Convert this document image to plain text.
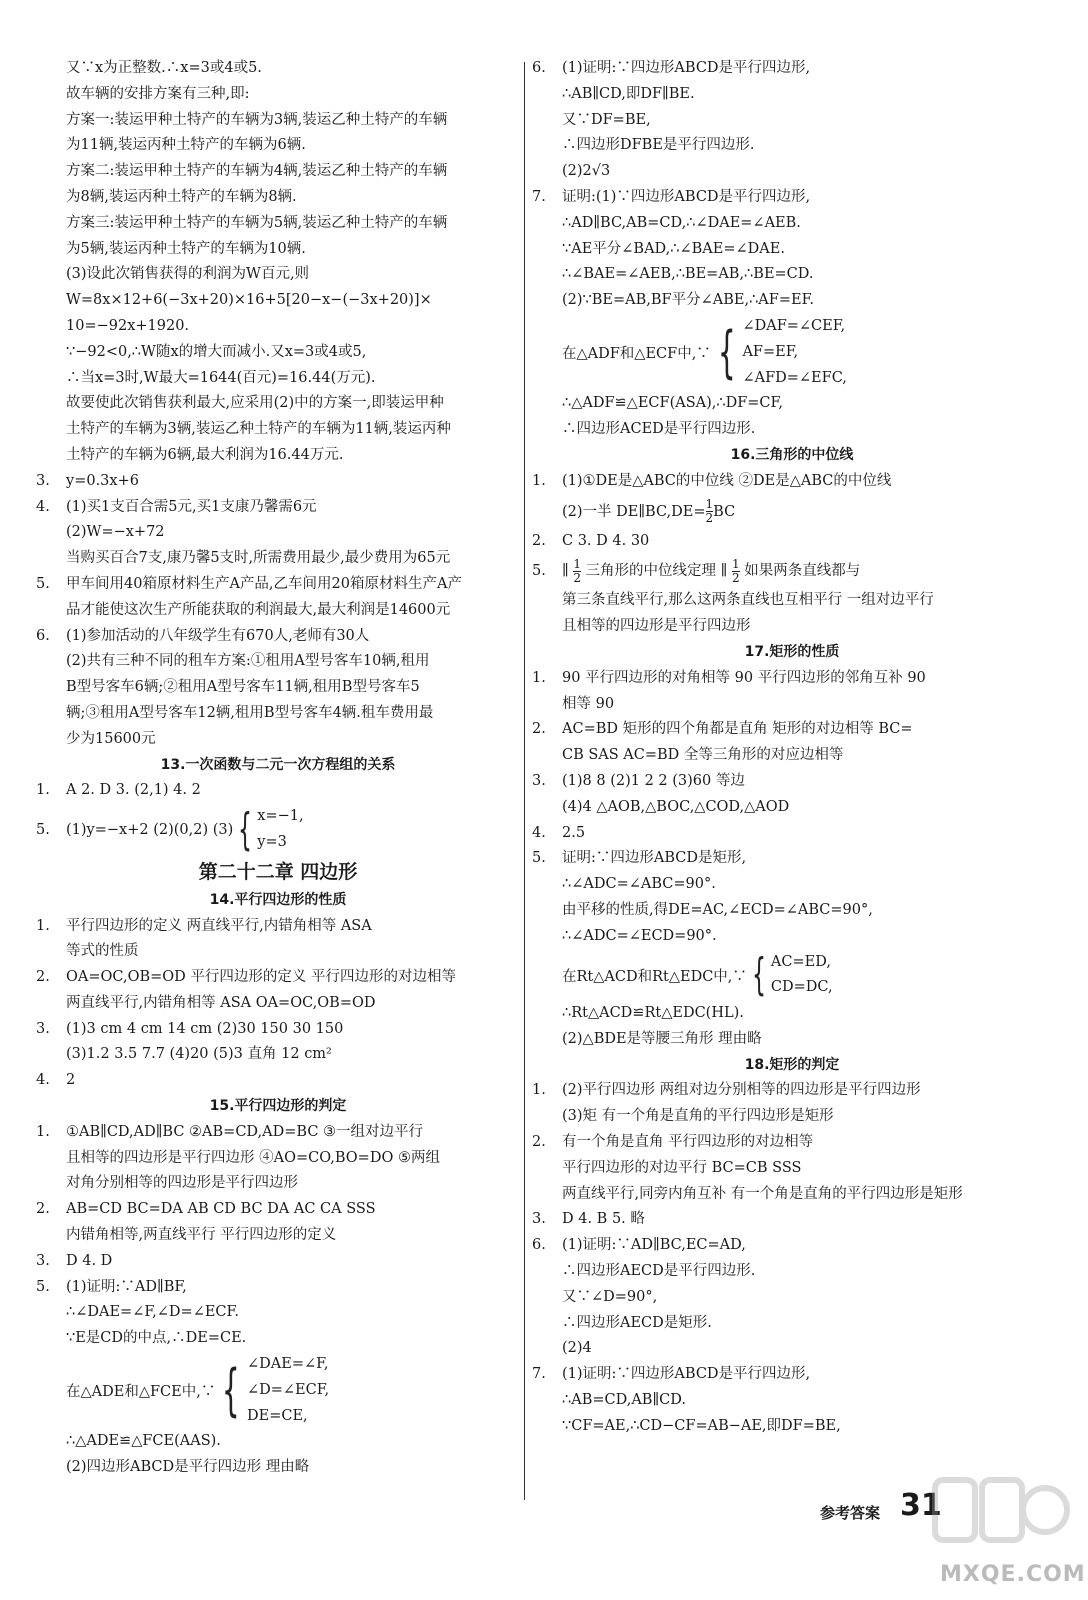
又∵x为正整数.∴x=3或4或5.
故车辆的安排方案有三种,即:
方案一:装运甲种土特产的车辆为3辆,装运乙种土特产的车辆
为11辆,装运丙种土特产的车辆为6辆.
方案二:装运甲种土特产的车辆为4辆,装运乙种土特产的车辆
为8辆,装运丙种土特产的车辆为8辆.
方案三:装运甲种土特产的车辆为5辆,装运乙种土特产的车辆
为5辆,装运丙种土特产的车辆为10辆.
(3)设此次销售获得的利润为W百元,则
W=8x×12+6(−3x+20)×16+5[20−x−(−3x+20)]×
10=−92x+1920.
∵−92<0,∴W随x的增大而减小.又x=3或4或5,
∴当x=3时,W最大=1644(百元)=16.44(万元).
故要使此次销售获利最大,应采用(2)中的方案一,即装运甲种
土特产的车辆为3辆,装运乙种土特产的车辆为11辆,装运丙种
土特产的车辆为6辆,最大利润为16.44万元.
3. y=0.3x+6
4. (1)买1支百合需5元,买1支康乃馨需6元
(2)W=−x+72
当购买百合7支,康乃馨5支时,所需费用最少,最少费用为65元
5. 甲车间用40箱原材料生产A产品,乙车间用20箱原材料生产A产
品才能使这次生产所能获取的利润最大,最大利润是14600元
6. (1)参加活动的八年级学生有670人,老师有30人
(2)共有三种不同的租车方案:①租用A型号客车10辆,租用
B型号客车6辆;②租用A型号客车11辆,租用B型号客车5
辆;③租用A型号客车12辆,租用B型号客车4辆.租车费用最
少为15600元
13.一次函数与二元一次方程组的关系
1. A 2. D 3. (2,1) 4. 2
5.	(1)y=−x+2 (2)(0,2) (3) { x=−1,
y=3
第二十二章 四边形
14.平行四边形的性质
1. 平行四边形的定义 两直线平行,内错角相等 ASA
等式的性质
2. OA=OC,OB=OD 平行四边形的定义 平行四边形的对边相等
两直线平行,内错角相等 ASA OA=OC,OB=OD
3. (1)3 cm 4 cm 14 cm (2)30 150 30 150
(3)1.2 3.5 7.7 (4)20 (5)3 直角 12 cm²
4. 2
15.平行四边形的判定
1. ①AB∥CD,AD∥BC ②AB=CD,AD=BC ③一组对边平行
且相等的四边形是平行四边形 ④AO=CO,BO=DO ⑤两组
对角分别相等的四边形是平行四边形
2. AB=CD BC=DA AB CD BC DA AC CA SSS
内错角相等,两直线平行 平行四边形的定义
3. D 4. D
5. (1)证明:∵AD∥BF,
∴∠DAE=∠F,∠D=∠ECF.
∵E是CD的中点,∴DE=CE.
在△ADE和△FCE中,∵ { ∠DAE=∠F,
∠D=∠ECF,
DE=CE,
∴△ADE≌△FCE(AAS).
(2)四边形ABCD是平行四边形 理由略
6. (1)证明:∵四边形ABCD是平行四边形,
∴AB∥CD,即DF∥BE.
又∵DF=BE,
∴四边形DFBE是平行四边形.
(2)2√3
7. 证明:(1)∵四边形ABCD是平行四边形,
∴AD∥BC,AB=CD,∴∠DAE=∠AEB.
∵AE平分∠BAD,∴∠BAE=∠DAE.
∴∠BAE=∠AEB,∴BE=AB,∴BE=CD.
(2)∵BE=AB,BF平分∠ABE,∴AF=EF.
在△ADF和△ECF中,∵ { ∠DAF=∠CEF,
AF=EF,
∠AFD=∠EFC,
∴△ADF≌△ECF(ASA),∴DF=CF,
∴四边形ACED是平行四边形.
16.三角形的中位线
1. (1)①DE是△ABC的中位线 ②DE是△ABC的中位线
(2)一半 DE∥BC,DE= $\frac{1}{2}$ BC
2. C 3. D 4. 30
5. ∥ $\frac{1}{2}$ 三角形的中位线定理 ∥ $\frac{1}{2}$ 如果两条直线都与
第三条直线平行,那么这两条直线也互相平行 一组对边平行
且相等的四边形是平行四边形
17.矩形的性质
1. 90 平行四边形的对角相等 90 平行四边形的邻角互补 90
相等 90
2. AC=BD 矩形的四个角都是直角 矩形的对边相等 BC=
CB SAS AC=BD 全等三角形的对应边相等
3. (1)8 8 (2)1 2 2 (3)60 等边
(4)4 △AOB,△BOC,△COD,△AOD
4. 2.5
5. 证明:∵四边形ABCD是矩形,
∴∠ADC=∠ABC=90°.
由平移的性质,得DE=AC,∠ECD=∠ABC=90°,
∴∠ADC=∠ECD=90°.
在Rt△ACD和Rt△EDC中,∵ { AC=ED,
CD=DC,
∴Rt△ACD≌Rt△EDC(HL).
(2)△BDE是等腰三角形 理由略
18.矩形的判定
1. (2)平行四边形 两组对边分别相等的四边形是平行四边形
(3)矩 有一个角是直角的平行四边形是矩形
2. 有一个角是直角 平行四边形的对边相等
平行四边形的对边平行 BC=CB SSS
两直线平行,同旁内角互补 有一个角是直角的平行四边形是矩形
3. D 4. B 5. 略
6. (1)证明:∵AD∥BC,EC=AD,
∴四边形AECD是平行四边形.
又∵∠D=90°,
∴四边形AECD是矩形.
(2)4
7. (1)证明:∵四边形ABCD是平行四边形,
∴AB=CD,AB∥CD.
∵CF=AE,∴CD−CF=AB−AE,即DF=BE,
参考答案 31
MXQE.COM
